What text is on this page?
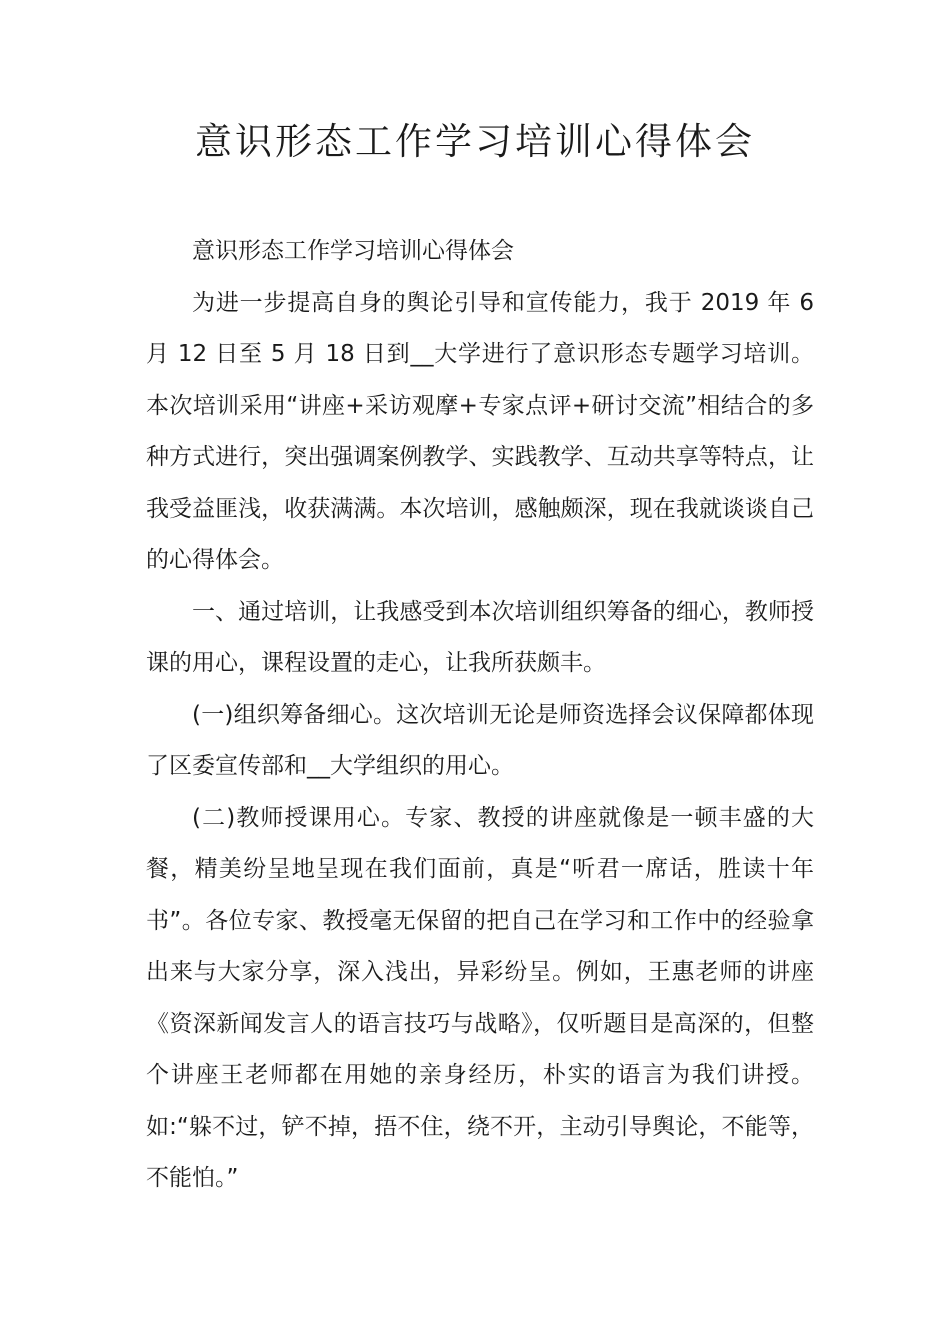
意识形态工作学习培训心得体会

意识形态工作学习培训心得体会

为进一步提高自身的舆论引导和宣传能力，我于 2019 年 6 月 12 日至 5 月 18 日到__大学进行了意识形态专题学习培训。本次培训采用“讲座+采访观摩+专家点评+研讨交流”相结合的多种方式进行，突出强调案例教学、实践教学、互动共享等特点，让我受益匪浅，收获满满。本次培训，感触颇深，现在我就谈谈自己的心得体会。

一、通过培训，让我感受到本次培训组织筹备的细心，教师授课的用心，课程设置的走心，让我所获颇丰。

(一)组织筹备细心。这次培训无论是师资选择会议保障都体现了区委宣传部和__大学组织的用心。

(二)教师授课用心。专家、教授的讲座就像是一顿丰盛的大餐，精美纷呈地呈现在我们面前，真是“听君一席话，胜读十年书”。各位专家、教授毫无保留的把自己在学习和工作中的经验拿出来与大家分享，深入浅出，异彩纷呈。例如，王惠老师的讲座《资深新闻发言人的语言技巧与战略》，仅听题目是高深的，但整个讲座王老师都在用她的亲身经历，朴实的语言为我们讲授。如:“躲不过，铲不掉，捂不住，绕不开，主动引导舆论，不能等，不能怕。”
